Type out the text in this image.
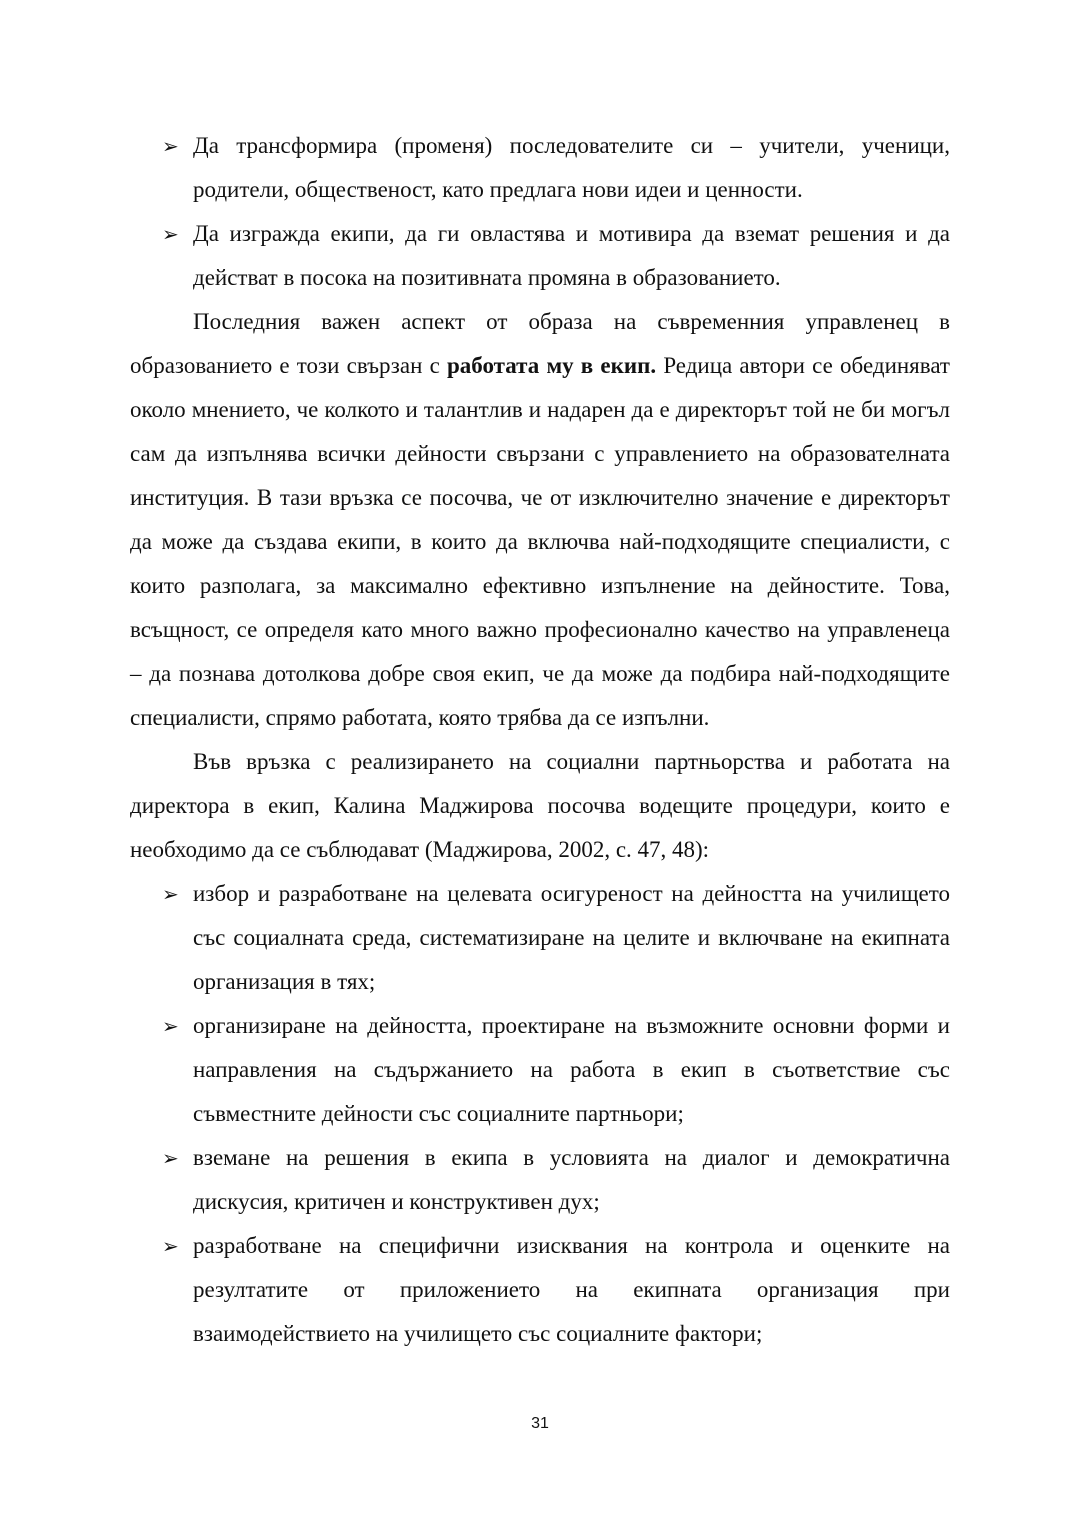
➢ Да трансформира (променя) последователите си – учители, ученици, родители, общественост, като предлага нови идеи и ценности.
➢ Да изгражда екипи, да ги овластява и мотивира да вземат решения и да действат в посока на позитивната промяна в образованието.

Последния важен аспект от образа на съвременния управленец в образованието е този свързан с работата му в екип. Редица автори се обединяват около мнението, че колкото и талантлив и надарен да е директорът той не би могъл сам да изпълнява всички дейности свързани с управлението на образователната институция. В тази връзка се посочва, че от изключително значение е директорът да може да създава екипи, в които да включва най-подходящите специалисти, с които разполага, за максимално ефективно изпълнение на дейностите. Това, всъщност, се определя като много важно професионално качество на управленеца – да познава дотолкова добре своя екип, че да може да подбира най-подходящите специалисти, спрямо работата, която трябва да се изпълни.

Във връзка с реализирането на социални партньорства и работата на директора в екип, Калина Маджирова посочва водещите процедури, които е необходимо да се съблюдават (Маджирова, 2002, с. 47, 48):

➢ избор и разработване на целевата осигуреност на дейността на училището със социалната среда, систематизиране на целите и включване на екипната организация в тях;
➢ организиране на дейността, проектиране на възможните основни форми и направления на съдържанието на работа в екип в съответствие със съвместните дейности със социалните партньори;
➢ вземане на решения в екипа в условията на диалог и демократична дискусия, критичен и конструктивен дух;
➢ разработване на специфични изисквания на контрола и оценките на резултатите от приложението на екипната организация при взаимодействието на училището със социалните фактори;
31
